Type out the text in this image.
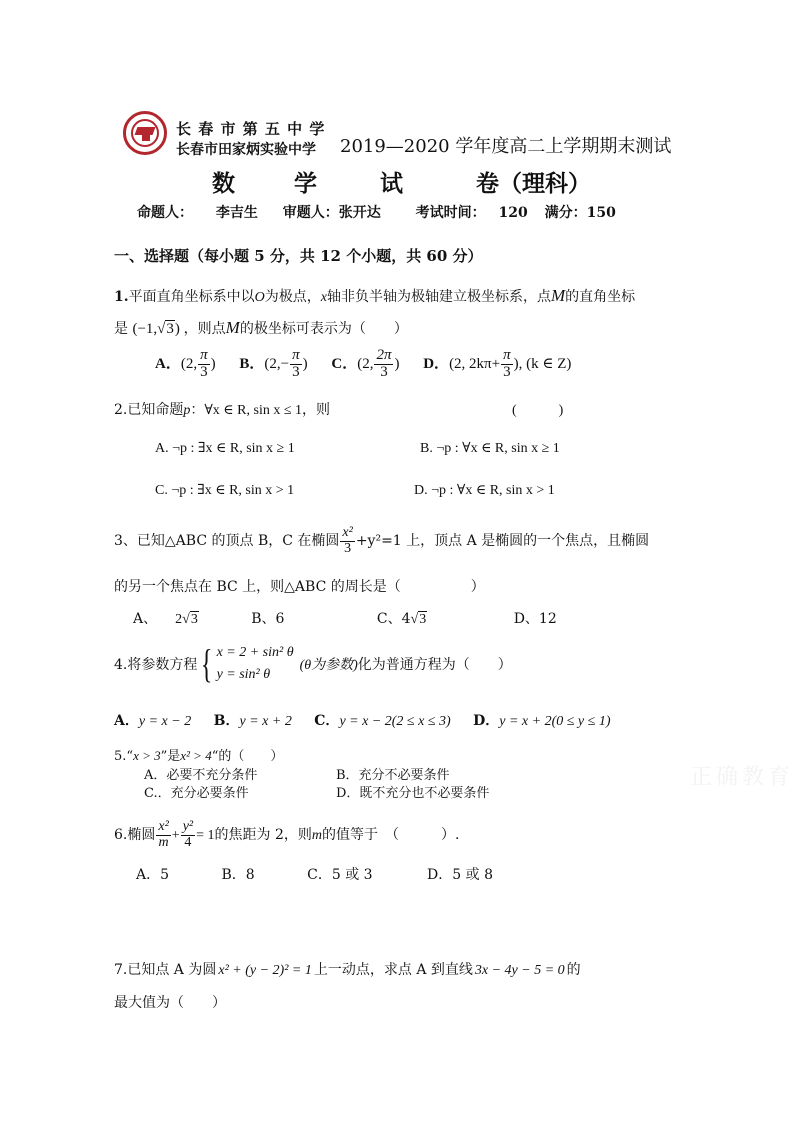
长 春 市 第 五 中 学
长春市田家炳实验中学 2019—2020 学年度高二上学期期末测试
数	学	试	卷（理科）
命题人： 李吉生 审题人：张开达 考试时间： 120 满分：150
一、选择题（每小题 5 分，共 12 个小题，共 60 分）
1.平面直角坐标系中以O为极点，x轴非负半轴为极轴建立极坐标系，点M的直角坐标
是 (−1,√3) ，则点M的极坐标可表示为（　　）
A．(2, $\frac{\pi}{3}$ ) B．($2,- \frac{\pi}{3}$ ) C．(2, $\frac{2\pi}{3}$ ) D．(2, $2k\pi+ \frac{\pi}{3}$ ), (k ∈ Z)
2.已知命题p：∀x ∈ R, sin x ≤ 1，则	(　　　)
A. ¬p : ∃x ∈ R, sin x ≥ 1	B. ¬p : ∀x ∈ R, sin x ≥ 1
C. ¬p : ∃x ∈ R, sin x > 1	D. ¬p : ∀x ∈ R, sin x > 1
3、已知△ABC 的顶点 B，C 在椭圆 $\frac{\text{x²}}{3} +y^2=1$ 上，顶点 A 是椭圆的一个焦点，且椭圆
的另一个焦点在 BC 上，则△ABC 的周长是（　　　　　）
A、 2√3	B、6	C、4√3	D、12
4.将参数方程{ x = 2 + sin² θ
y = sin² θ
(θ为参数)化为普通方程为（　　）
A．y = x − 2 B．y = x + 2 C．y = x − 2(2 ≤ x ≤ 3) D．y = x + 2(0 ≤ y ≤ 1)
5.“x > 3”是x² > 4“的（　　）
A．必要不充分条件	B．充分不必要条件
C.．充分必要条件	D．既不充分也不必要条件
正确教育
6.椭圆 $\frac{\text{x²}}{m} + \frac{\text{y²}}{4} = 1$的焦距为 2，则m的值等于　（　　　）.
A．5	B．8	C．5 或 3	D．5 或 8
7.已知点 A 为圆 x² + (y − 2)² = 1 上一动点，求点 A 到直线 3x − 4y − 5 = 0 的
最大值为（　　）
